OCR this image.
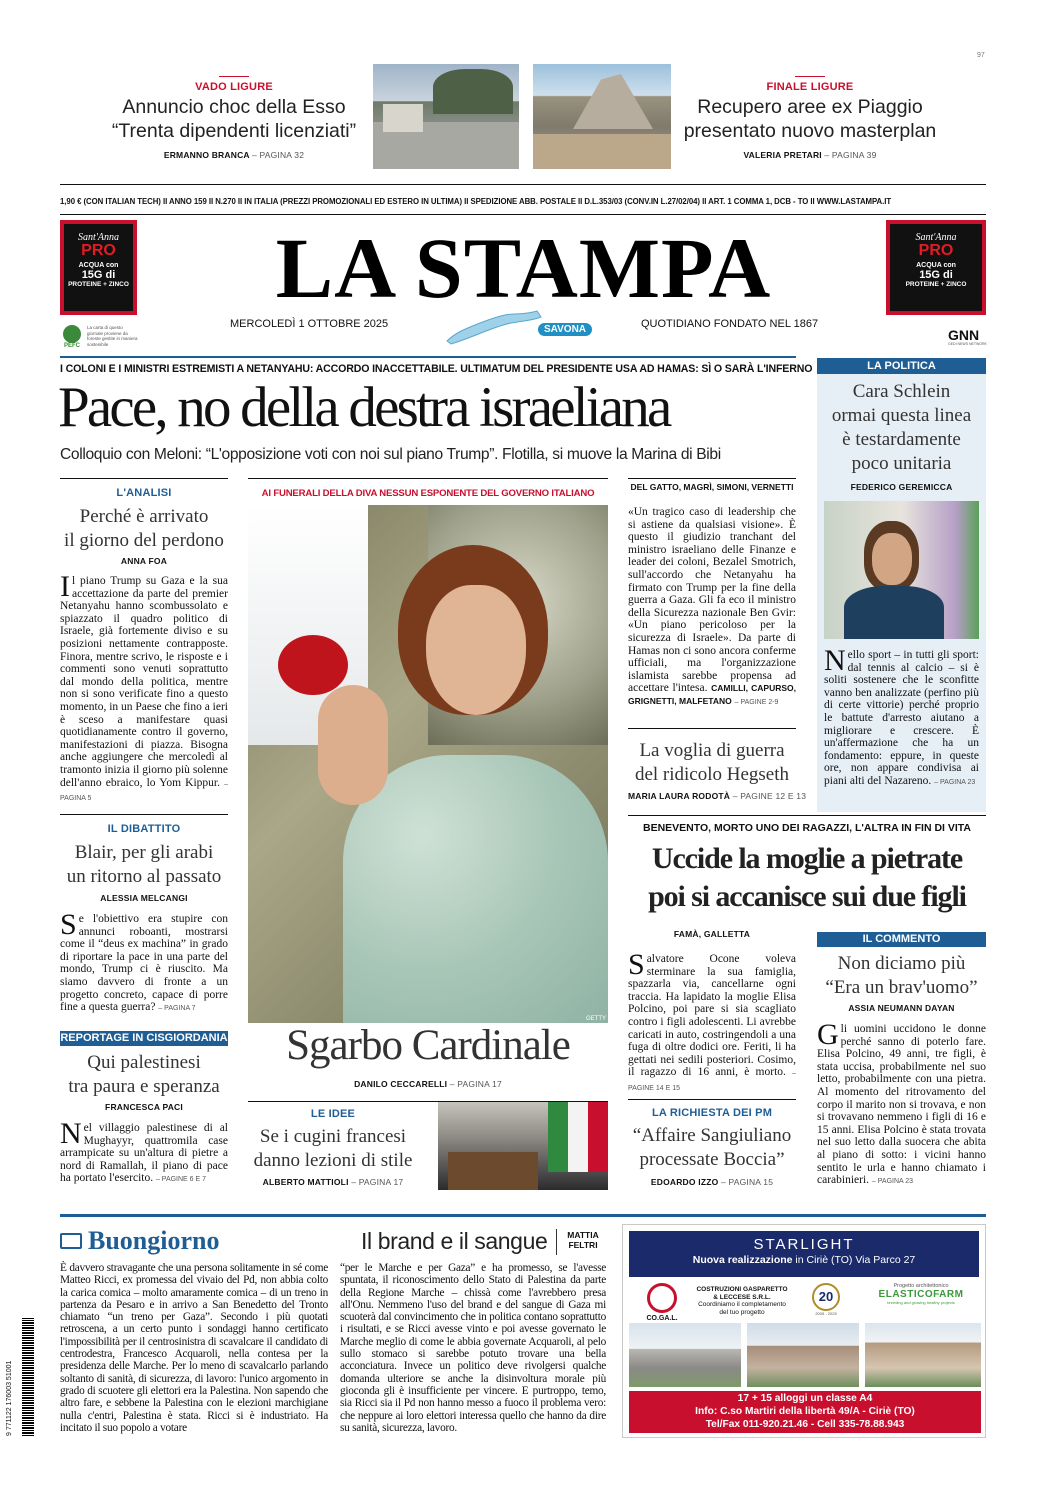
97
VADO LIGURE
Annuncio choc della Esso
“Trenta dipendenti licenziati”
ERMANNO BRANCA – PAGINA 32
FINALE LIGURE
Recupero aree ex Piaggio
presentato nuovo masterplan
VALERIA PRETARI – PAGINA 39
1,90 € (CON ITALIAN TECH) II ANNO 159 II N.270 II IN ITALIA (PREZZI PROMOZIONALI ED ESTERO IN ULTIMA) II SPEDIZIONE ABB. POSTALE II D.L.353/03 (CONV.IN L.27/02/04) II ART. 1 COMMA 1, DCB - TO II WWW.LASTAMPA.IT
Sant'Anna
PRO
ACQUA con
15G di
PROTEINE + ZINCO
Sant'Anna
PRO
ACQUA con
15G di
PROTEINE + ZINCO
LA STAMPA
MERCOLEDÌ 1 OTTOBRE 2025	SAVONA	QUOTIDIANO FONDATO NEL 1867
PEFC
La carta di questo giornale proviene da foreste gestite in maniera sostenibile
GNN
GEDI NEWS NETWORK
I COLONI E I MINISTRI ESTREMISTI A NETANYAHU: ACCORDO INACCETTABILE. ULTIMATUM DEL PRESIDENTE USA AD HAMAS: SÌ O SARÀ L'INFERNO
Pace, no della destra israeliana
Colloquio con Meloni: “L'opposizione voti con noi sul piano Trump”. Flotilla, si muove la Marina di Bibi
L'ANALISI
Perché è arrivato
il giorno del perdono
ANNA FOA
Il piano Trump su Gaza e la sua accettazione da parte del premier Netanyahu hanno scombussolato e spiazzato il quadro politico di Israele, già fortemente diviso e su posizioni nettamente contrapposte. Finora, mentre scrivo, le risposte e i commenti sono venuti soprattutto dal mondo della politica, mentre non si sono verificate fino a questo momento, in un Paese che fino a ieri è sceso a manifestare quasi quotidianamente contro il governo, manifestazioni di piazza. Bisogna anche aggiungere che mercoledì al tramonto inizia il giorno più solenne dell'anno ebraico, lo Yom Kippur. – PAGINA 5
IL DIBATTITO
Blair, per gli arabi
un ritorno al passato
ALESSIA MELCANGI
Se l'obiettivo era stupire con annunci roboanti, mostrarsi come il “deus ex machina” in grado di riportare la pace in una parte del mondo, Trump ci è riuscito. Ma siamo davvero di fronte a un progetto concreto, capace di porre fine a questa guerra? – PAGINA 7
REPORTAGE IN CISGIORDANIA
Qui palestinesi
tra paura e speranza
FRANCESCA PACI
Nel villaggio palestinese di al Mughayyr, quattromila case arrampicate su un'altura di pietre a nord di Ramallah, il piano di pace ha portato l'esercito. – PAGINE 6 E 7
AI FUNERALI DELLA DIVA NESSUN ESPONENTE DEL GOVERNO ITALIANO
GETTY
Sgarbo Cardinale
DANILO CECCARELLI – PAGINA 17
LE IDEE
Se i cugini francesi
danno lezioni di stile
ALBERTO MATTIOLI – PAGINA 17
DEL GATTO, MAGRÌ, SIMONI, VERNETTI
«Un tragico caso di leadership che si astiene da qualsiasi visione». È questo il giudizio tranchant del ministro israeliano delle Finanze e leader dei coloni, Bezalel Smotrich, sull'accordo che Netanyahu ha firmato con Trump per la fine della guerra a Gaza. Gli fa eco il ministro della Sicurezza nazionale Ben Gvir: «Un piano pericoloso per la sicurezza di Israele». Da parte di Hamas non ci sono ancora conferme ufficiali, ma l'organizzazione islamista sarebbe propensa ad accettare l'intesa. CAMILLI, CAPURSO, GRIGNETTI, MALFETANO – PAGINE 2-9
La voglia di guerra
del ridicolo Hegseth
MARIA LAURA RODOTÀ – PAGINE 12 E 13
LA POLITICA
Cara Schlein
ormai questa linea
è testardamente
poco unitaria
FEDERICO GEREMICCA
Nello sport – in tutti gli sport: dal tennis al calcio – si è soliti sostenere che le sconfitte vanno ben analizzate (perfino più di certe vittorie) perché proprio le battute d'arresto aiutano a migliorare e crescere. È un'affermazione che ha un fondamento: eppure, in queste ore, non appare condivisa ai piani alti del Nazareno. – PAGINA 23
BENEVENTO, MORTO UNO DEI RAGAZZI, L'ALTRA IN FIN DI VITA
Uccide la moglie a pietrate
poi si accanisce sui due figli
FAMÀ, GALLETTA
Salvatore Ocone voleva sterminare la sua famiglia, spazzarla via, cancellarne ogni traccia. Ha lapidato la moglie Elisa Polcino, poi pare si sia scagliato contro i figli adolescenti. Li avrebbe caricati in auto, costringendoli a una fuga di oltre dodici ore. Feriti, li ha gettati nei sedili posteriori. Cosimo, il ragazzo di 16 anni, è morto. – PAGINE 14 E 15
LA RICHIESTA DEI PM
“Affaire Sangiuliano
processate Boccia”
EDOARDO IZZO – PAGINA 15
IL COMMENTO
Non diciamo più
“Era un brav'uomo”
ASSIA NEUMANN DAYAN
Gli uomini uccidono le donne perché sanno di poterlo fare. Elisa Polcino, 49 anni, tre figli, è stata uccisa, probabilmente nel suo letto, probabilmente con una pietra. Al momento del ritrovamento del corpo il marito non si trovava, e non si trovavano nemmeno i figli di 16 e 15 anni. Elisa Polcino è stata trovata nel suo letto dalla suocera che abita al piano di sotto: i vicini hanno sentito le urla e hanno chiamato i carabinieri. – PAGINA 23
Buongiorno	Il brand e il sangue	MATTIA
FELTRI
È davvero stravagante che una persona solitamente in sé come Matteo Ricci, ex promessa del vivaio del Pd, non abbia colto la carica comica – molto amaramente comica – di un treno in partenza da Pesaro e in arrivo a San Benedetto del Tronto chiamato “un treno per Gaza”. Secondo i più quotati retroscena, a un certo punto i sondaggi hanno certificato l'impossibilità per il centrosinistra di scavalcare il candidato di centrodestra, Francesco Acquaroli, nella contesa per la presidenza delle Marche. Per lo meno di scavalcarlo parlando soltanto di sanità, di sicurezza, di lavoro: l'unico argomento in grado di scuotere gli elettori era la Palestina. Non sapendo che altro fare, e sebbene la Palestina con le elezioni marchigiane nulla c'entri, Palestina è stata. Ricci si è industriato. Ha incitato il suo popolo a votare
“per le Marche e per Gaza” e ha promesso, se l'avesse spuntata, il riconoscimento dello Stato di Palestina da parte della Regione Marche – chissà come l'avrebbero presa all'Onu. Nemmeno l'uso del brand e del sangue di Gaza mi scuoterà dal convincimento che in politica contano soprattutto i risultati, e se Ricci avesse vinto e poi avesse governato le Marche meglio di come le abbia governate Acquaroli, al pelo sullo stomaco si sarebbe potuto trovare una bella acconciatura. Invece un politico deve rivolgersi qualche domanda ulteriore se anche la disinvoltura morale più gioconda gli è insufficiente per vincere. E purtroppo, temo, sia Ricci sia il Pd non hanno messo a fuoco il problema vero: che neppure ai loro elettori interessa quello che hanno da dire su sanità, sicurezza, lavoro.
9 771122 176003 51001
STARLIGHT
Nuova realizzazione in Ciriè (TO) Via Parco 27
CO.GA.L.
COSTRUZIONI GASPARETTO
& LECCESE S.R.L.
Coordiniamo il completamento
del tuo progetto
20
2005 - 2025
Progetto architettonico
ELASTICOFARM
breeding and growing healthy projects
17 + 15 alloggi un classe A4
Info: C.so Martiri della libertà 49/A - Ciriè (TO)
Tel/Fax 011-920.21.46 - Cell 335-78.88.943
